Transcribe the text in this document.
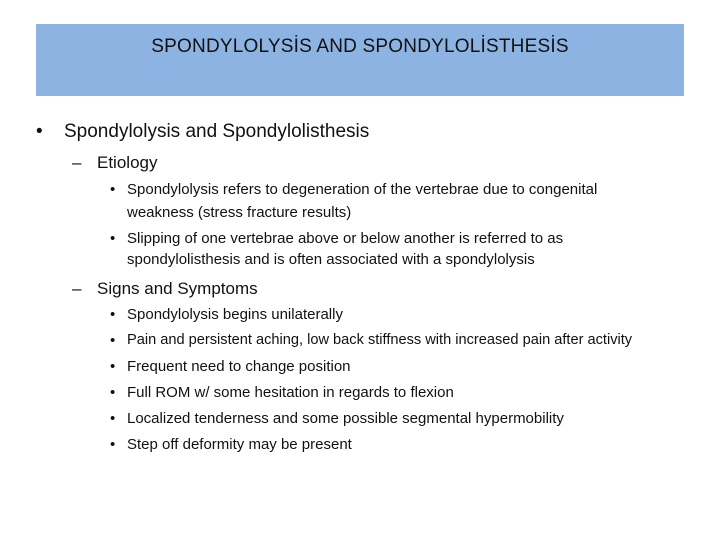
SPONDYLOLYSİS AND SPONDYLOLİSTHESİS
• Spondylolysis and Spondylolisthesis
– Etiology
• Spondylolysis refers to degeneration of the vertebrae due to congenital
weakness (stress fracture results)
• Slipping of one vertebrae above or below another is referred to as
spondylolisthesis and is often associated with a spondylolysis
– Signs and Symptoms
• Spondylolysis begins unilaterally
• Pain and persistent aching, low back stiffness with increased pain after activity
• Frequent need to change position
• Full ROM w/ some hesitation in regards to flexion
• Localized tenderness and some possible segmental hypermobility
• Step off deformity may be present
